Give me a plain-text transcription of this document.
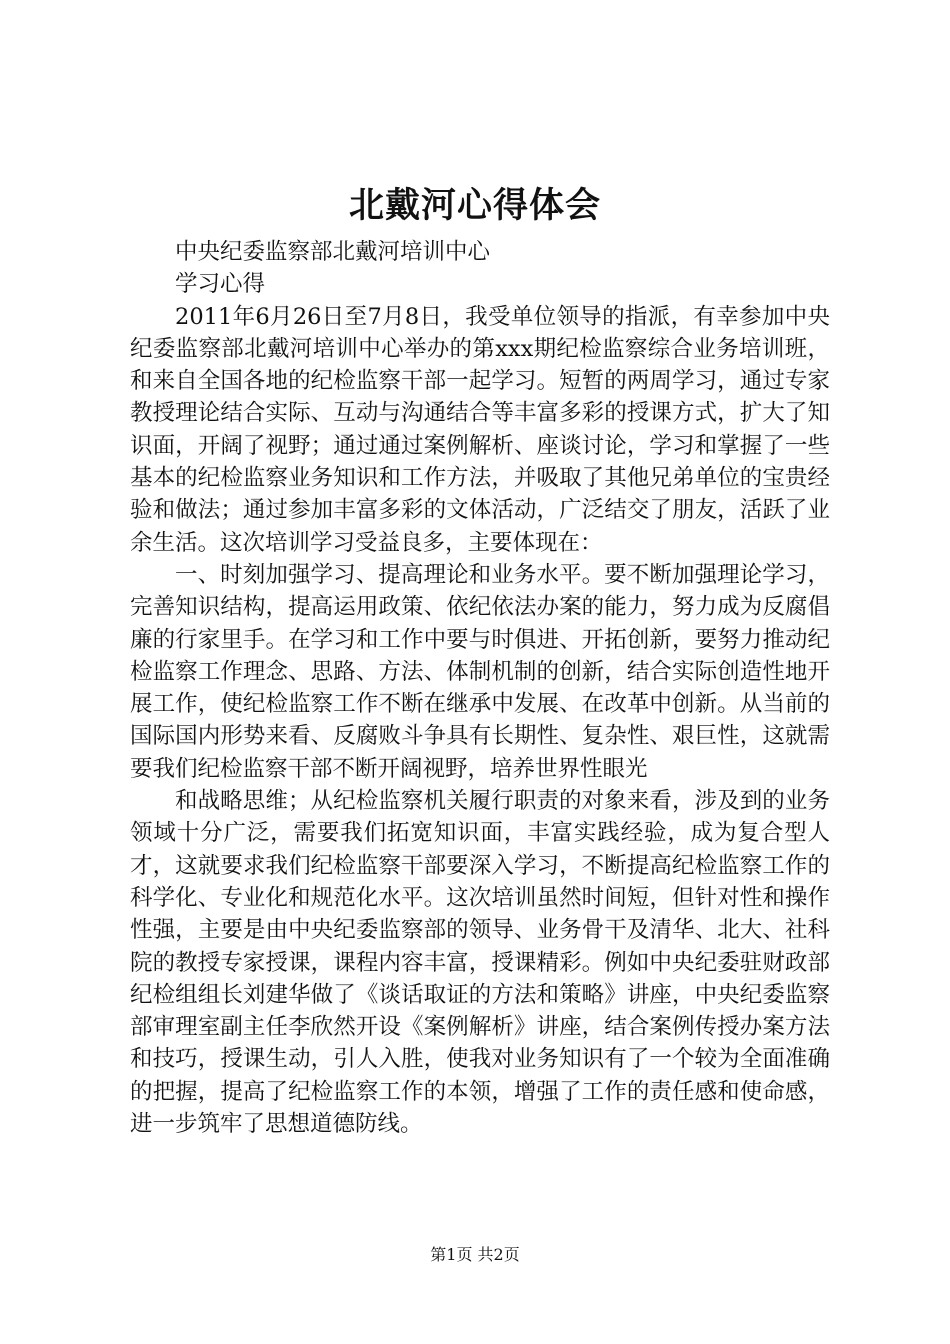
北戴河心得体会

中央纪委监察部北戴河培训中心

学习心得

2011年6月26日至7月8日，我受单位领导的指派，有幸参加中央纪委监察部北戴河培训中心举办的第xxx期纪检监察综合业务培训班，和来自全国各地的纪检监察干部一起学习。短暂的两周学习，通过专家教授理论结合实际、互动与沟通结合等丰富多彩的授课方式，扩大了知识面，开阔了视野；通过通过案例解析、座谈讨论，学习和掌握了一些基本的纪检监察业务知识和工作方法，并吸取了其他兄弟单位的宝贵经验和做法；通过参加丰富多彩的文体活动，广泛结交了朋友，活跃了业余生活。这次培训学习受益良多，主要体现在：

一、时刻加强学习、提高理论和业务水平。要不断加强理论学习，完善知识结构，提高运用政策、依纪依法办案的能力，努力成为反腐倡廉的行家里手。在学习和工作中要与时俱进、开拓创新，要努力推动纪检监察工作理念、思路、方法、体制机制的创新，结合实际创造性地开展工作，使纪检监察工作不断在继承中发展、在改革中创新。从当前的国际国内形势来看、反腐败斗争具有长期性、复杂性、艰巨性，这就需要我们纪检监察干部不断开阔视野，培养世界性眼光

和战略思维；从纪检监察机关履行职责的对象来看，涉及到的业务领域十分广泛，需要我们拓宽知识面，丰富实践经验，成为复合型人才，这就要求我们纪检监察干部要深入学习，不断提高纪检监察工作的科学化、专业化和规范化水平。这次培训虽然时间短，但针对性和操作性强，主要是由中央纪委监察部的领导、业务骨干及清华、北大、社科院的教授专家授课，课程内容丰富，授课精彩。例如中央纪委驻财政部纪检组组长刘建华做了《谈话取证的方法和策略》讲座，中央纪委监察部审理室副主任李欣然开设《案例解析》讲座，结合案例传授办案方法和技巧，授课生动，引人入胜，使我对业务知识有了一个较为全面准确的把握，提高了纪检监察工作的本领，增强了工作的责任感和使命感，进一步筑牢了思想道德防线。

第1页 共2页
